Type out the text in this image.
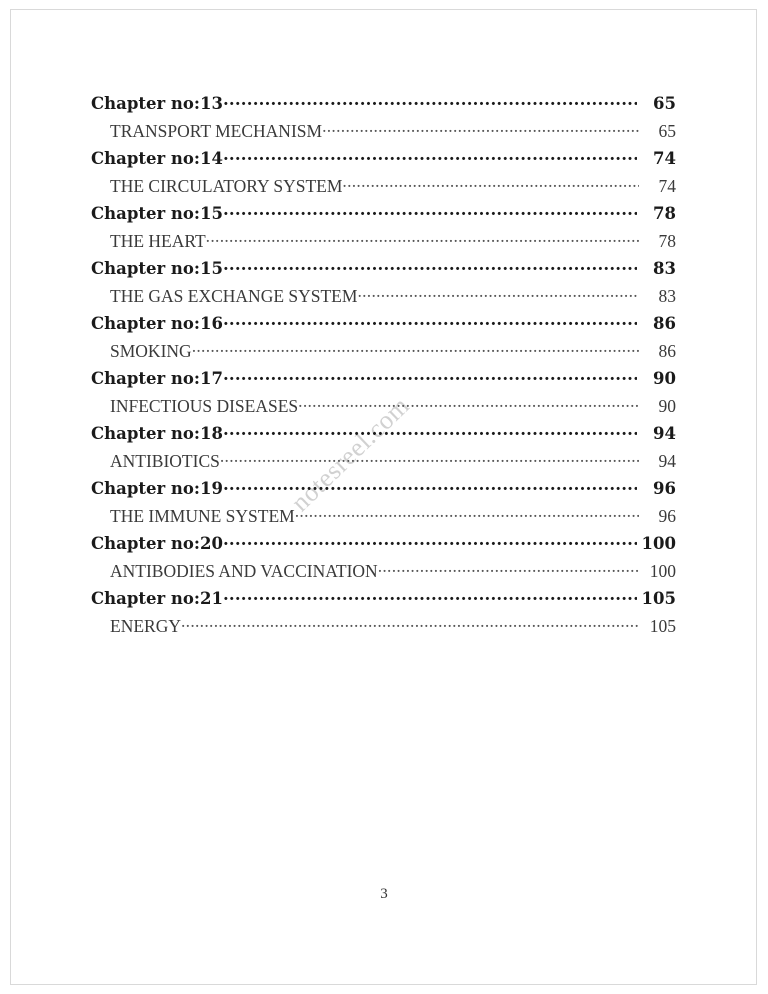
notesreel.com
Chapter no:13 .....	65
TRANSPORT MECHANISM .....	65
Chapter no:14 .....	74
THE CIRCULATORY SYSTEM .....	74
Chapter no:15 .....	78
THE HEART .....	78
Chapter no:15 .....	83
THE GAS EXCHANGE SYSTEM .....	83
Chapter no:16 .....	86
SMOKING .....	86
Chapter no:17 .....	90
INFECTIOUS DISEASES .....	90
Chapter no:18 .....	94
ANTIBIOTICS .....	94
Chapter no:19 .....	96
THE IMMUNE SYSTEM .....	96
Chapter no:20 .....	100
ANTIBODIES AND VACCINATION .....	100
Chapter no:21 .....	105
ENERGY .....	105
3
